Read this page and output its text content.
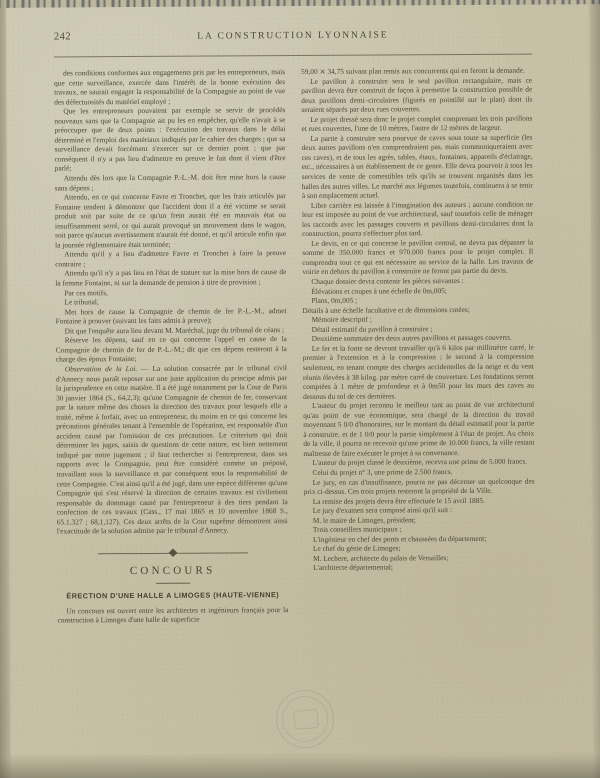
242	LA CONSTRUCTION LYONNAISE

des conditions conformes aux engagements pris par les entrepreneurs, mais que cette surveillance, exercée dans l'intérêt de la bonne exécution des travaux, ne saurait engager la responsabilité de la Compagnie au point de vue des défectuosités du matériel employé ;

Que les entrepreneurs pouvaient par exemple se servir de procédés nouveaux sans que la Compagnie ait pu les en empêcher, qu'elle n'avait à se préoccuper que de deux points : l'exécution des travaux dans le délai déterminé et l'emploi des matériaux indiqués par le cahier des charges ; que sa surveillance devait forcément s'exercer sur ce dernier point ; que par conséquent il n'y a pas lieu d'admettre en preuve le fait dont il vient d'être parlé;

Attendu dès lors que la Compagnie P.-L.-M. doit être mise hors la cause sans dépens ;

Attendu, en ce qui concerne Favre et Tronchet, que les frais articulés par Fontaine tendent à démontrer que l'accident dont il a été victime se serait produit soit par suite de ce qu'un frein aurait été en mauvais état ou insuffisamment serré, ce qui aurait provoqué un mouvement dans le wagon, soit parce qu'aucun avertissement n'aurait été donné, et qu'il articule enfin que la journée réglementaire était terminée;

Attendu qu'il y a lieu d'admettre Favre et Tronchet à faire la preuve contraire ;

Attendu qu'il n'y a pas lieu en l'état de statuer sur la mise hors de cause de la femme Fontaine, ni sur la demande de pension à titre de provision ;

Par ces motifs,

Le tribunal,

Met hors de cause la Compagnie de chemin de fer P.-L.-M., admet Fontaine à prouver (suivant les faits admis à preuve);

Dit que l'enquête aura lieu devant M. Maréchal, juge du tribunal de céans ;

Réserve les dépens, sauf en ce qui concerne l'appel en cause de la Compagnie de chemin de fer de P.-L.-M.; dit que ces dépens resteront à la charge des époux Fontaine;

Observation de la Loi. — La solution consacrée par le tribunal civil d'Annecy nous paraît reposer sur une juste application du principe admis par la jurisprudence en cette matière. Il a été jugé notamment par la Cour de Paris 30 janvier 1864 (S., 64,2,3); qu'une Compagnie de chemin de fer, conservant par la nature même des choses la direction des travaux pour lesquels elle a traité, même à forfait, avec un entrepreneur, du moins en ce qui concerne les précautions générales tenant à l'ensemble de l'opération, est responsable d'un accident causé par l'omission de ces précautions. Le criterium qui doit déterminer les juges, saisis de questions de cette nature, est bien nettement indiqué par notre jugement ; il faut rechercher si l'entrepreneur, dans ses rapports avec la Compagnie, peut être considéré comme un préposé, travaillant sous la surveillance et par conséquent sous la responsabilité de cette Compagnie. C'est ainsi qu'il a été jugé, dans une espèce différente qu'une Compagnie qui s'est réservé la direction de certains travaux est civilement responsable du dommage causé par l'entrepreneur à des tiers pendant la confection de ces travaux (Cass., 17 mai 1865 et 10 novembre 1868 S., 65.1.327 ; 68,1,127). Ces deux arrêts de la Cour suprême démontrent ainsi l'exactitude de la solution admise par le tribunal d'Annecy.

CONCOURS
ÉRECTION D'UNE HALLE A LIMOGES (HAUTE-VIENNE)

Un concours est ouvert entre les architectes et ingénieurs français pour la construction à Limoges d'une halle de superficie

59,00 ⨯ 34,75 suivant plan remis aux concurrents qui en feront la demande.

Le pavillon à construire sera le seul pavillon rectangulaire, mais ce pavillon devra être construit de façon à permettre la construction possible de deux pavillons demi–circulaires (figurés en pointillé sur le plan) dont ils seraient séparés par deux rues couvertes.

Le projet dressé sera donc le projet complet comprenant les trois pavillons et rues couvertes, l'une de 10 mètres, l'autre de 12 mètres de largeur.

La partie à construire sera pourvue de caves sous toute sa superficie (les deux autres pavillons n'en comprendraient pas, mais communiqueraient avec ces caves), et de tous les agrès, tables, étaux, fontaines, appareils d'éclairage, etc., nécessaires à un établissement de ce genre. Elle devra pourvoir à tous les services de vente de comestibles tels qu'ils se trouvent organisés dans les halles des autres villes. Le marché aux légumes toutefois, continuera à se tenir à son emplacement actuel.

Libre carrière est laissée à l'imagination des auteurs ; aucune condition ne leur est imposée au point de vue architectural, sauf toutefois celle de ménager les raccords avec les passages couverts et pavillons demi-circulaires dont la construction, pourra s'effectuer plus tard.

Le devis, en ce qui concerne le pavillon central, ne devra pas dépasser la somme de 350.000 francs et 970.000 francs pour le projet complet. Il comprendra tout ce qui est nécessaire au service de la halle. Les travaux de voirie en dehors du pavillon à construire ne feront pas partie du devis.

Chaque dossier devra contenir les pièces suivantes :

Élévations et coupes à une échelle de 0m,005;

Plans, 0m,005 ;

Détails à une échelle facultative et de dimensions cotées;

Mémoire descriptif ;

Détail estimatif du pavillon à construire ;

Deuxième sommaire des deux autres pavillons et passages couverts.

Le fer et la fonte ne devront travailler qu'à 6 kilos par millimètre carré, le premier à l'extension et à la compression ; le second à la compression seulement, en tenant compte des charges accidentelles de la neige et du vent réunis élevées à 38 kilog. par mètre carré de couverture. Les fondations seront comptées à 1 mètre de profondeur et à 0m50 pour les murs des caves au dessous du sol de ces dernières.

L'auteur du projet reconnu le meilleur tant au point de vue architectural qu'au point de vue économique, sera chargé de la direction du travail moyennant 5 0/0 d'honoraires, sur le montant du détail estimatif pour la partie à construire, et de 1 0/0 pour la partie simplement à l'état de projet. Au choix de la ville, il pourra ne recevoir qu'une prime de 10.000 francs, la ville restant maîtresse de faire exécuter le projet à sa convenance.

L'auteur du projet classé le deuxième, recevra une prime de 5.000 francs.

Celui du projet n° 3, une prime de 2.500 francs.

Le jury, en cas d'insuffisance, pourra ne pas décerner un quelconque des prix ci-dessus. Ces trois projets resteront la propriété de la Ville.

La remise des projets devra être effectuée le 15 avril 1885.

Le jury d'examen sera composé ainsi qu'il suit :

M. le maire de Limoges, président;

Trois conseillers municipaux ;

L'ingénieur en chef des ponts et chaussées du département;

Le chef du génie de Limoges;

M. Lechere, architecte du palais de Versailles;

L'architecte départemental;
